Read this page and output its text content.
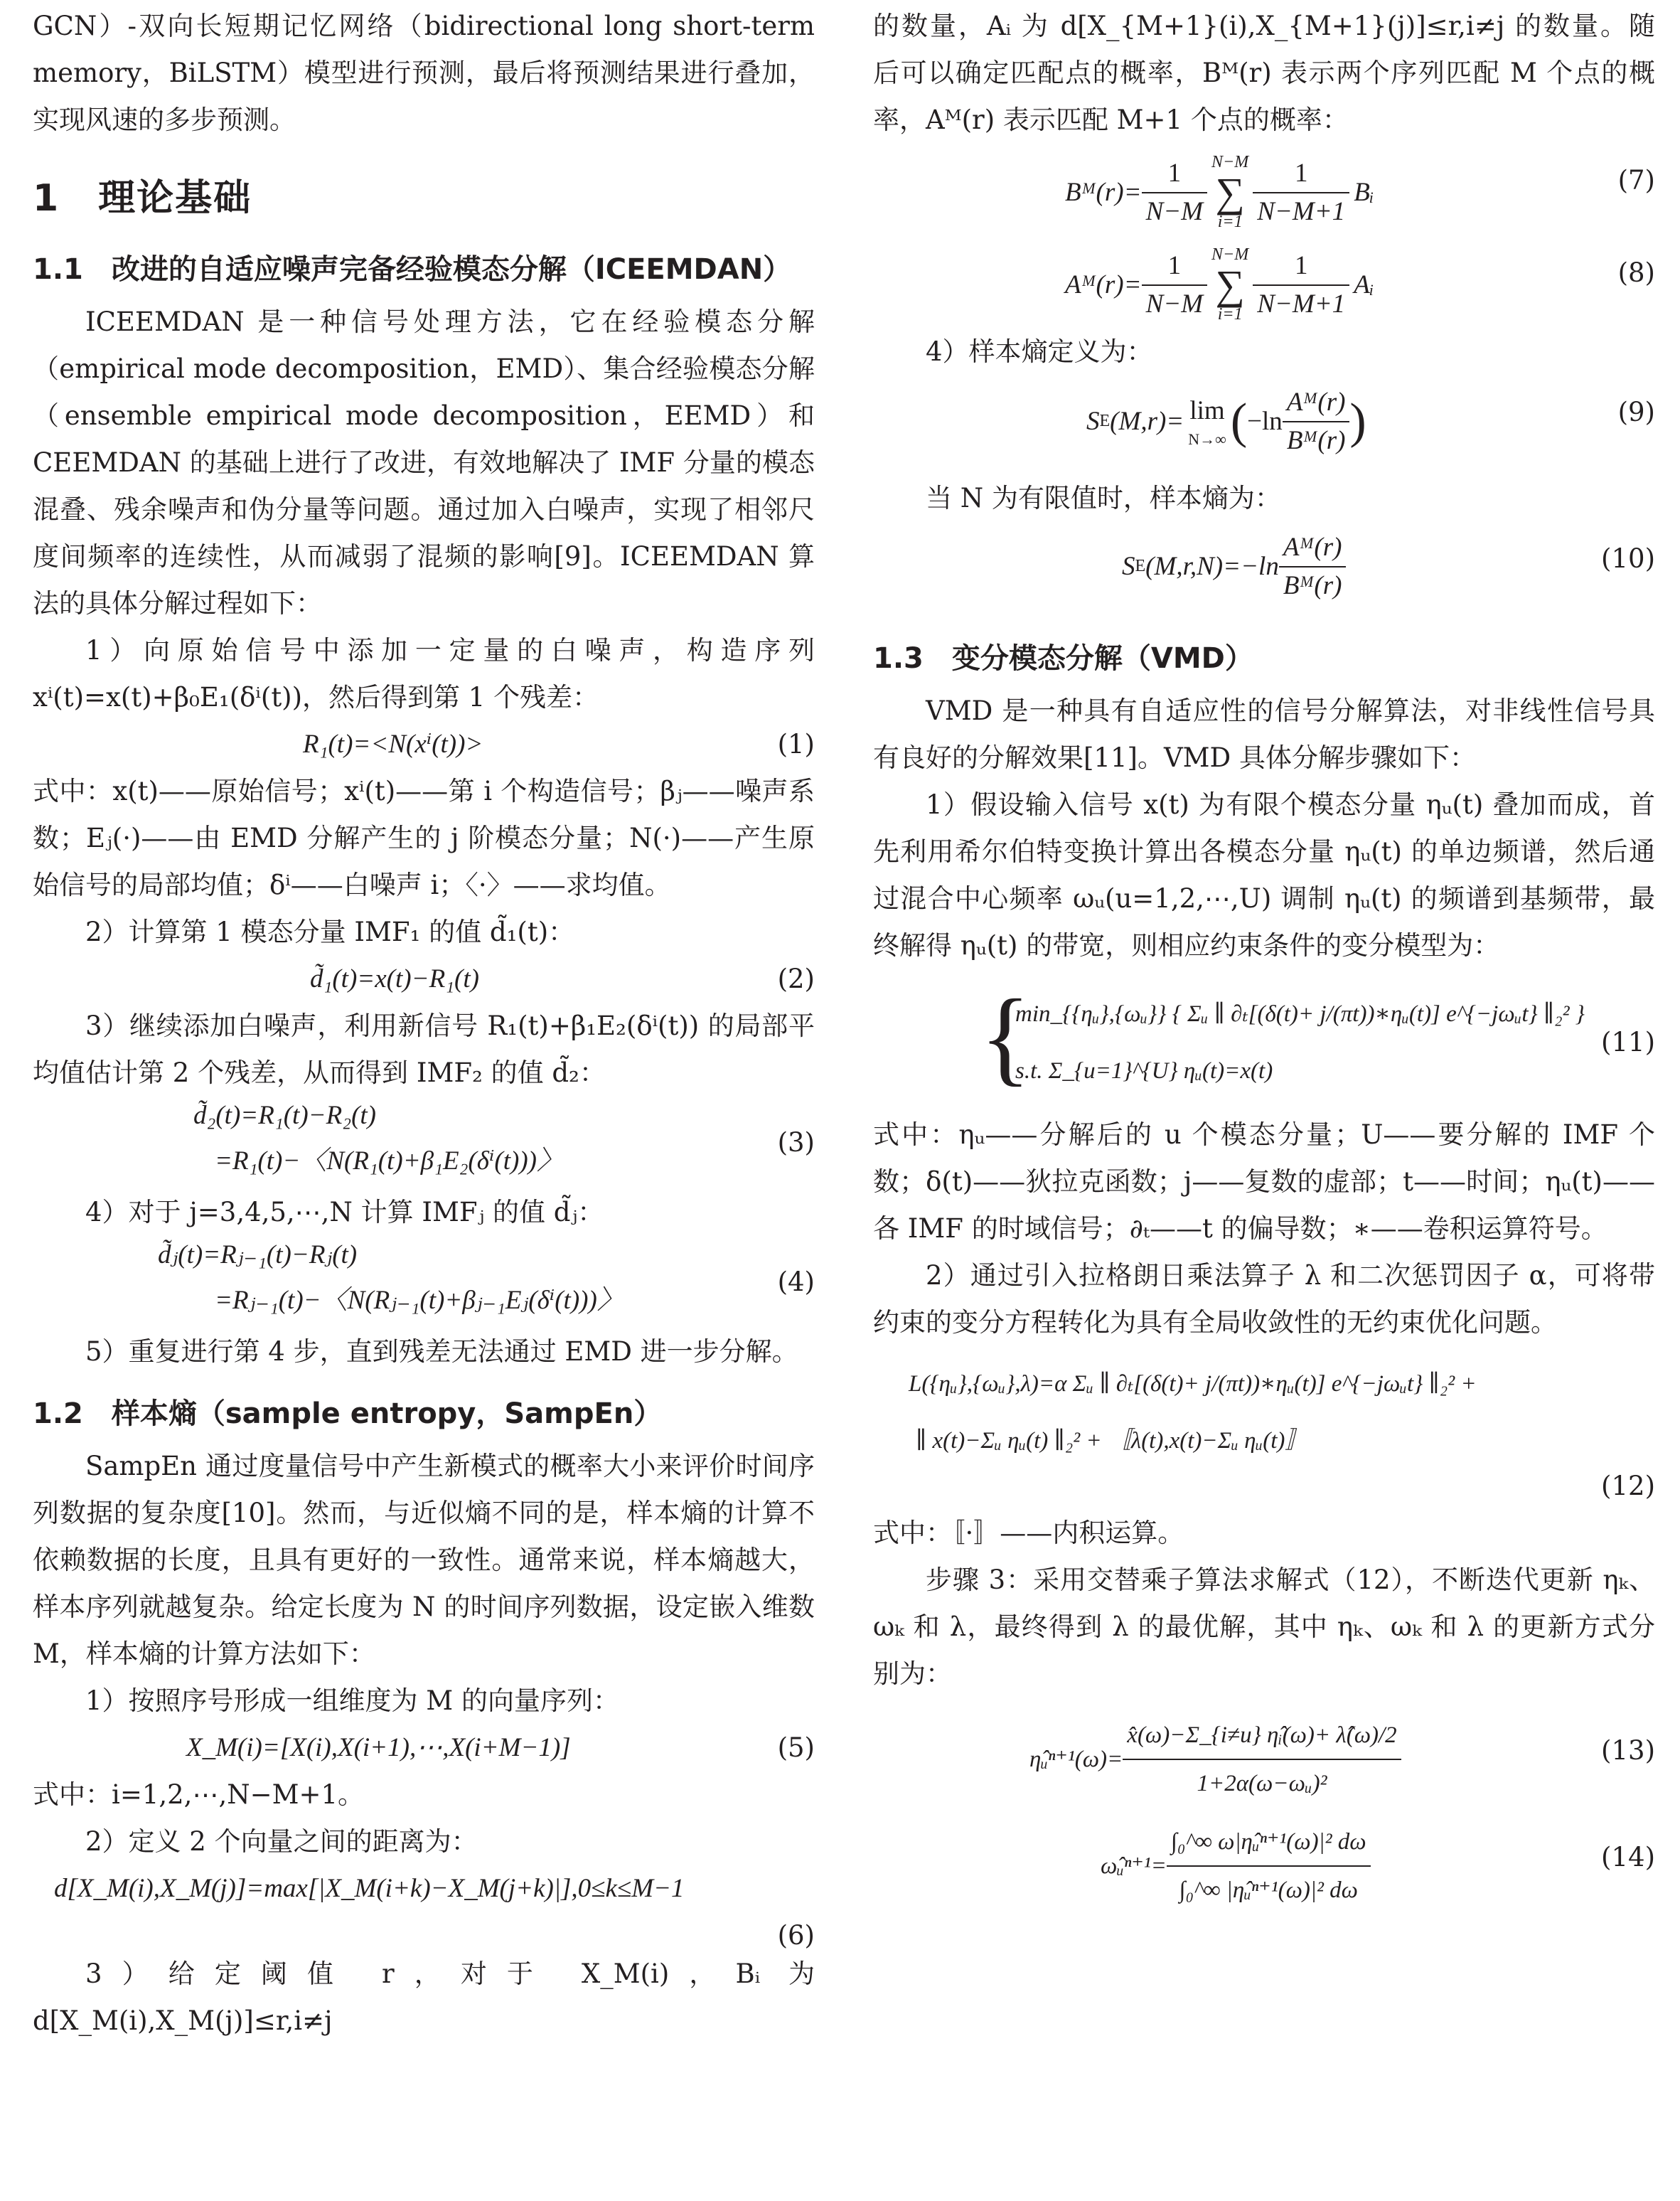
GCN）-双向长短期记忆网络（bidirectional long short-term memory，BiLSTM）模型进行预测，最后将预测结果进行叠加，实现风速的多步预测。

1　理论基础
1.1　改进的自适应噪声完备经验模态分解（ICEEMDAN）

ICEEMDAN 是一种信号处理方法，它在经验模态分解（empirical mode decomposition，EMD）、集合经验模态分解（ensemble empirical mode decomposition，EEMD）和 CEEMDAN 的基础上进行了改进，有效地解决了 IMF 分量的模态混叠、残余噪声和伪分量等问题。通过加入白噪声，实现了相邻尺度间频率的连续性，从而减弱了混频的影响[9]。ICEEMDAN 算法的具体分解过程如下：

1）向原始信号中添加一定量的白噪声，构造序列 xⁱ(t)=x(t)+β₀E₁(δⁱ(t))，然后得到第 1 个残差：

R₁(t)=<N(xⁱ(t))>	(1)

式中：x(t)——原始信号；xⁱ(t)——第 i 个构造信号；βⱼ——噪声系数；Eⱼ(·)——由 EMD 分解产生的 j 阶模态分量；N(·)——产生原始信号的局部均值；δⁱ——白噪声 i；〈·〉——求均值。

2）计算第 1 模态分量 IMF₁ 的值 d̃₁(t)：

d̃₁(t)=x(t)−R₁(t)	(2)

3）继续添加白噪声，利用新信号 R₁(t)+β₁E₂(δⁱ(t)) 的局部平均值估计第 2 个残差，从而得到 IMF₂ 的值 d̃₂：

d̃₂(t)=R₁(t)−R₂(t)
=R₁(t)−〈N(R₁(t)+β₁E₂(δⁱ(t)))〉
(3)

4）对于 j=3,4,5,⋯,N 计算 IMFⱼ 的值 d̃ⱼ：

d̃ⱼ(t)=Rⱼ₋₁(t)−Rⱼ(t)
=Rⱼ₋₁(t)−〈N(Rⱼ₋₁(t)+βⱼ₋₁Eⱼ(δⁱ(t)))〉
(4)

5）重复进行第 4 步，直到残差无法通过 EMD 进一步分解。

1.2　样本熵（sample entropy，SampEn）

SampEn 通过度量信号中产生新模式的概率大小来评价时间序列数据的复杂度[10]。然而，与近似熵不同的是，样本熵的计算不依赖数据的长度，且具有更好的一致性。通常来说，样本熵越大，样本序列就越复杂。给定长度为 N 的时间序列数据，设定嵌入维数 M，样本熵的计算方法如下：

1）按照序号形成一组维度为 M 的向量序列：

X_M(i)=[X(i),X(i+1),⋯,X(i+M−1)]	(5)

式中：i=1,2,⋯,N−M+1。

2）定义 2 个向量之间的距离为：

d[X_M(i),X_M(j)]=max[|X_M(i+k)−X_M(j+k)|],0≤k≤M−1
(6)

3）给定阈值 r，对于 X_M(i)，Bᵢ 为 d[X_M(i),X_M(j)]≤r,i≠j

的数量，Aᵢ 为 d[X_{M+1}(i),X_{M+1}(j)]≤r,i≠j 的数量。随后可以确定匹配点的概率，Bᴹ(r) 表示两个序列匹配 M 个点的概率，Aᴹ(r) 表示匹配 M+1 个点的概率：

Bᴹ(r)= $\frac{1}{N-M} N-M$
∑
$i=1 \frac{1}{N-M+1}$ Bᵢ	(7)
Aᴹ(r)= $\frac{1}{N-M} N-M$
∑
$i=1 \frac{1}{N-M+1}$ Aᵢ	(8)

4）样本熵定义为：

S E (M,r)= lim
N→∞ ( $-\ln \frac{\text{Aᴹ(r)}}{\text{Bᴹ(r)}}$ )	(9)

当 N 为有限值时，样本熵为：

S E $(M,r,N)=-\ln \frac{\text{Aᴹ(r)}}{\text{Bᴹ(r)}}$	(10)
1.3　变分模态分解（VMD）

VMD 是一种具有自适应性的信号分解算法，对非线性信号具有良好的分解效果[11]。VMD 具体分解步骤如下：

1）假设输入信号 x(t) 为有限个模态分量 ηᵤ(t) 叠加而成，首先利用希尔伯特变换计算出各模态分量 ηᵤ(t) 的单边频谱，然后通过混合中心频率 ωᵤ(u=1,2,⋯,U) 调制 ηᵤ(t) 的频谱到基频带，最终解得 ηᵤ(t) 的带宽，则相应约束条件的变分模型为：

{
min_{{ηᵤ},{ωᵤ}} { Σᵤ ∥ ∂ₜ[(δ(t)+ j/(πt))∗ηᵤ(t)] e^{−jωᵤt} ∥₂² }
s.t. Σ_{u=1}^{U} ηᵤ(t)=x(t)
(11)

式中：ηᵤ——分解后的 u 个模态分量；U——要分解的 IMF 个数；δ(t)——狄拉克函数；j——复数的虚部；t——时间；ηᵤ(t)——各 IMF 的时域信号；∂ₜ——t 的偏导数；∗——卷积运算符号。

2）通过引入拉格朗日乘法算子 λ 和二次惩罚因子 α，可将带约束的变分方程转化为具有全局收敛性的无约束优化问题。

L({ηᵤ},{ωᵤ},λ)=α Σᵤ ∥ ∂ₜ[(δ(t)+ j/(πt))∗ηᵤ(t)] e^{−jωᵤt} ∥₂² +
∥ x(t)−Σᵤ ηᵤ(t) ∥₂² + 〚λ(t),x(t)−Σᵤ ηᵤ(t)〛
(12)

式中：〚·〛——内积运算。

步骤 3：采用交替乘子算法求解式（12），不断迭代更新 ηₖ、ωₖ 和 λ，最终得到 λ 的最优解，其中 ηₖ、ωₖ 和 λ 的更新方式分别为：

η̂ᵤⁿ⁺¹(ω)= $\frac{\text{x̂(ω)−Σ\_\{i≠u\} η̂ᵢ(ω)+ λ̂(ω)/2}}{\text{1+2α(ω−ωᵤ)²}}$	(13)
ω̂ᵤⁿ⁺¹= $\frac{\text{∫₀\textasciicircum{}∞ ω|η̂ᵤⁿ⁺¹(ω)|² dω}}{\text{∫₀\textasciicircum{}∞ |η̂ᵤⁿ⁺¹(ω)|² dω}}$	(14)
